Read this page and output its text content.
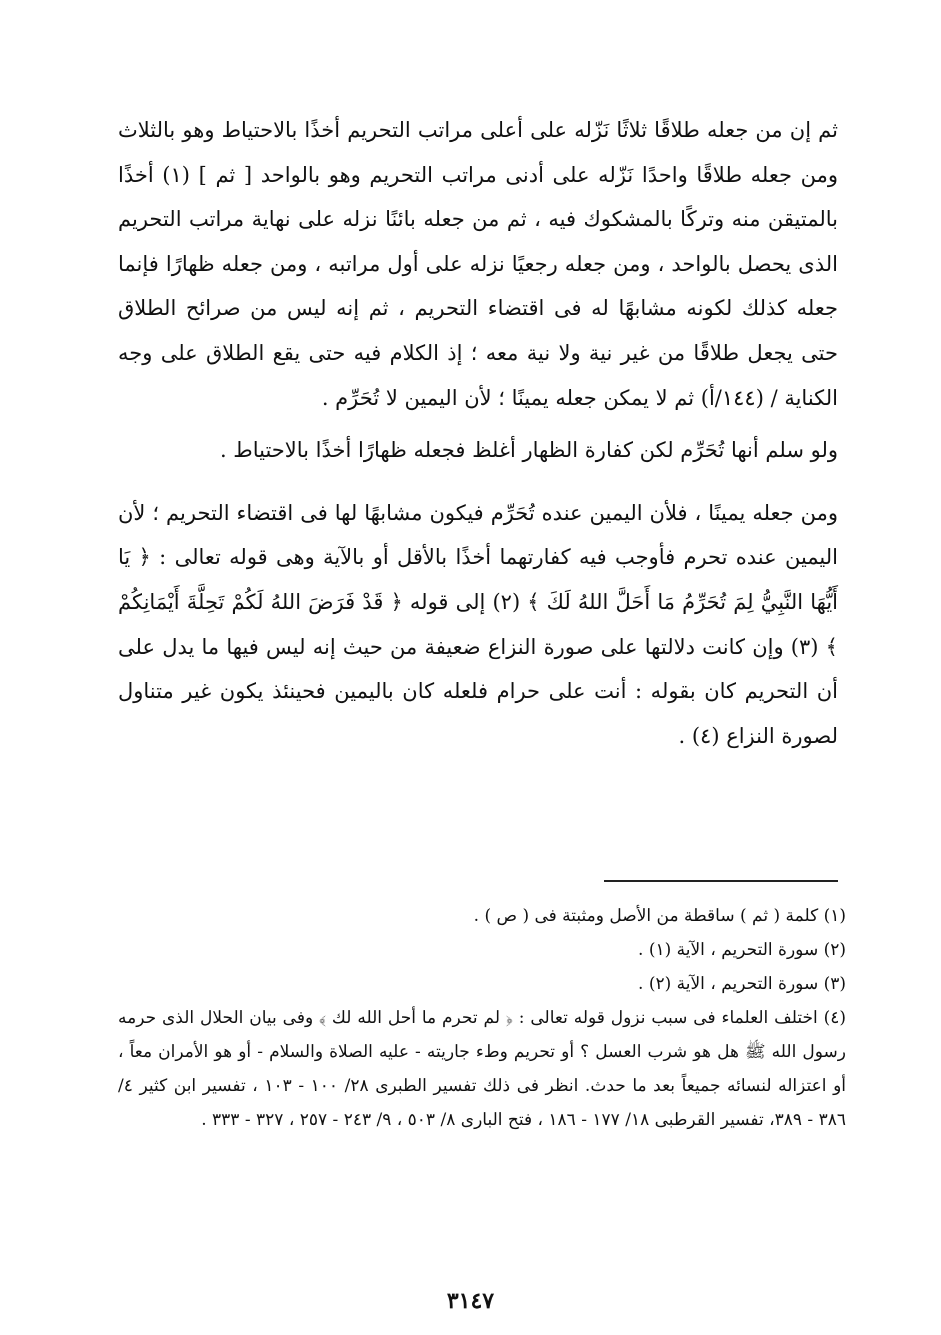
ثم إن من جعله طلاقًا ثلاثًا نَزّله على أعلى مراتب التحريم أخذًا بالاحتياط وهو بالثلاث ومن جعله طلاقًا واحدًا نَزّله على أدنى مراتب التحريم وهو بالواحد [ ثم ] (١) أخذًا بالمتيقن منه وتركًا بالمشكوك فيه ، ثم من جعله بائنًا نزله على نهاية مراتب التحريم الذى يحصل بالواحد ، ومن جعله رجعيًا نزله على أول مراتبه ، ومن جعله ظهارًا فإنما جعله كذلك لكونه مشابهًا له فى اقتضاء التحريم ، ثم إنه ليس من صرائح الطلاق حتى يجعل طلاقًا من غير نية ولا نية معه ؛ إذ الكلام فيه حتى يقع الطلاق على وجه الكناية / (١٤٤/أ) ثم لا يمكن جعله يمينًا ؛ لأن اليمين لا تُحَرِّم .

ولو سلم أنها تُحَرِّم لكن كفارة الظهار أغلظ فجعله ظهارًا أخذًا بالاحتياط .

ومن جعله يمينًا ، فلأن اليمين عنده تُحَرِّم فيكون مشابهًا لها فى اقتضاء التحريم ؛ لأن اليمين عنده تحرم فأوجب فيه كفارتهما أخذًا بالأقل أو بالآية وهى قوله تعالى : ﴿ يَا أَيُّهَا النَّبِيُّ لِمَ تُحَرِّمُ مَا أَحَلَّ اللهُ لَكَ ﴾ (٢) إلى قوله ﴿ قَدْ فَرَضَ اللهُ لَكُمْ تَحِلَّةَ أَيْمَانِكُمْ ﴾ (٣) وإن كانت دلالتها على صورة النزاع ضعيفة من حيث إنه ليس فيها ما يدل على أن التحريم كان بقوله : أنت على حرام فلعله كان باليمين فحينئذ يكون غير متناول لصورة النزاع (٤) .

(١) كلمة ( ثم ) ساقطة من الأصل ومثبتة فى ( ص ) .

(٢) سورة التحريم ، الآية (١) .

(٣) سورة التحريم ، الآية (٢) .

(٤) اختلف العلماء فى سبب نزول قوله تعالى : ﴿ لم تحرم ما أحل الله لك ﴾ وفى بيان الحلال الذى حرمه رسول الله ﷺ هل هو شرب العسل ؟ أو تحريم وطء جاريته - عليه الصلاة والسلام - أو هو الأمران معاً ، أو اعتزاله لنسائه جميعاً بعد ما حدث. انظر فى ذلك تفسير الطبرى ٢٨/ ١٠٠ - ١٠٣ ، تفسير ابن كثير ٤/ ٣٨٦ - ٣٨٩، تفسير القرطبى ١٨/ ١٧٧ - ١٨٦ ، فتح البارى ٨/ ٥٠٣ ، ٩/ ٢٤٣ - ٢٥٧ ، ٣٢٧ - ٣٣٣ .

٣١٤٧
